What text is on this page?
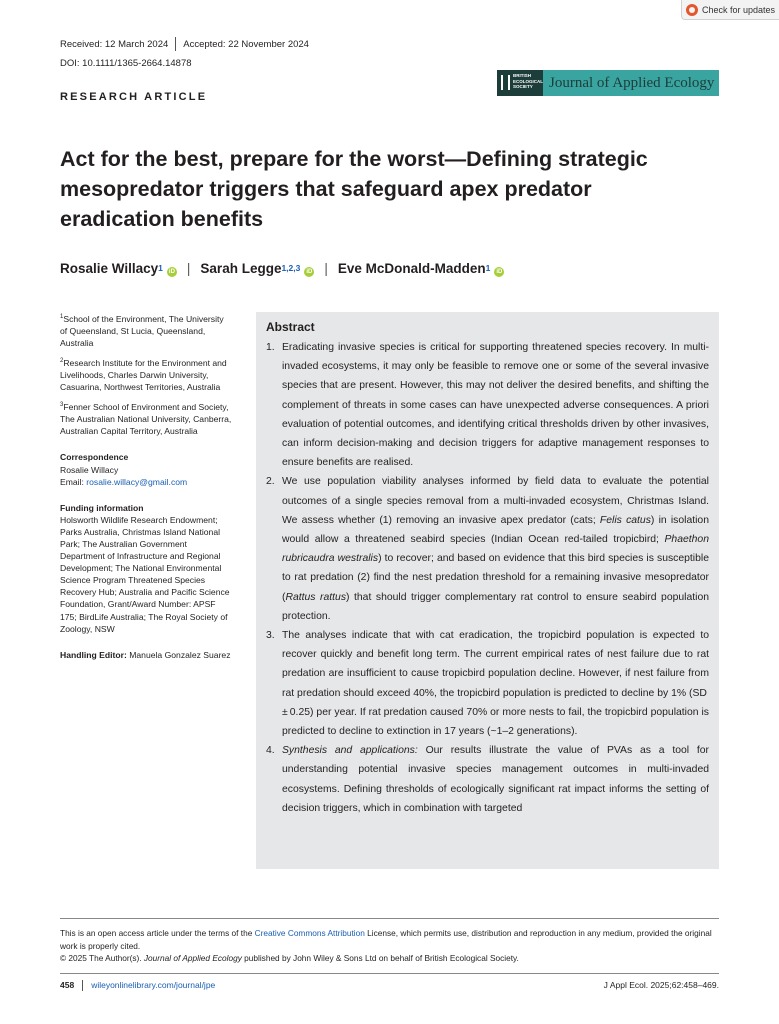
Check for updates
Received: 12 March 2024 Accepted: 22 November 2024
DOI: 10.1111/1365-2664.14878
BRITISH
ECOLOGICAL
SOCIETY	Journal of Applied Ecology
RESEARCH ARTICLE
Act for the best, prepare for the worst—Defining strategic mesopredator triggers that safeguard apex predator eradication benefits
Rosalie Willacy$^1$	iD | Sarah Legge$^{1,2,3}$	iD | Eve McDonald-Madden$^1$	iD
$^1$School of the Environment, The University of Queensland, St Lucia, Queensland, Australia
$^2$Research Institute for the Environment and Livelihoods, Charles Darwin University, Casuarina, Northwest Territories, Australia
$^3$Fenner School of Environment and Society, The Australian National University, Canberra, Australian Capital Territory, Australia
Correspondence
Rosalie Willacy
Email: rosalie.willacy@gmail.com
Funding information
Holsworth Wildlife Research Endowment; Parks Australia, Christmas Island National Park; The Australian Government Department of Infrastructure and Regional Development; The National Environmental Science Program Threatened Species Recovery Hub; Australia and Pacific Science Foundation, Grant/Award Number: APSF 175; BirdLife Australia; The Royal Society of Zoology, NSW
Handling Editor: Manuela Gonzalez Suarez
Abstract
1. Eradicating invasive species is critical for supporting threatened species recovery. In multi-invaded ecosystems, it may only be feasible to remove one or some of the several invasive species that are present. However, this may not deliver the desired benefits, and shifting the complement of threats in some cases can have unexpected adverse consequences. A priori evaluation of potential outcomes, and identifying critical thresholds driven by other invasives, can inform decision-making and decision triggers for adaptive management responses to ensure benefits are realised.
2. We use population viability analyses informed by field data to evaluate the potential outcomes of a single species removal from a multi-invaded ecosystem, Christmas Island. We assess whether (1) removing an invasive apex predator (cats; Felis catus) in isolation would allow a threatened seabird species (Indian Ocean red-tailed tropicbird; Phaethon rubricaudra westralis) to recover; and based on evidence that this bird species is susceptible to rat predation (2) find the nest predation threshold for a remaining invasive mesopredator (Rattus rattus) that should trigger complementary rat control to ensure seabird population protection.
3. The analyses indicate that with cat eradication, the tropicbird population is expected to recover quickly and benefit long term. The current empirical rates of nest failure due to rat predation are insufficient to cause tropicbird population decline. However, if nest failure from rat predation should exceed 40%, the tropicbird population is predicted to decline by 1% (SD ± 0.25) per year. If rat predation caused 70% or more nests to fail, the tropicbird population is predicted to decline to extinction in 17 years (~1–2 generations).
4. Synthesis and applications: Our results illustrate the value of PVAs as a tool for understanding potential invasive species management outcomes in multi-invaded ecosystems. Defining thresholds of ecologically significant rat impact informs the setting of decision triggers, which in combination with targeted
This is an open access article under the terms of the Creative Commons Attribution License, which permits use, distribution and reproduction in any medium, provided the original work is properly cited.
© 2025 The Author(s). Journal of Applied Ecology published by John Wiley & Sons Ltd on behalf of British Ecological Society.
458 wileyonlinelibrary.com/journal/jpe	J Appl Ecol. 2025;62:458–469.
